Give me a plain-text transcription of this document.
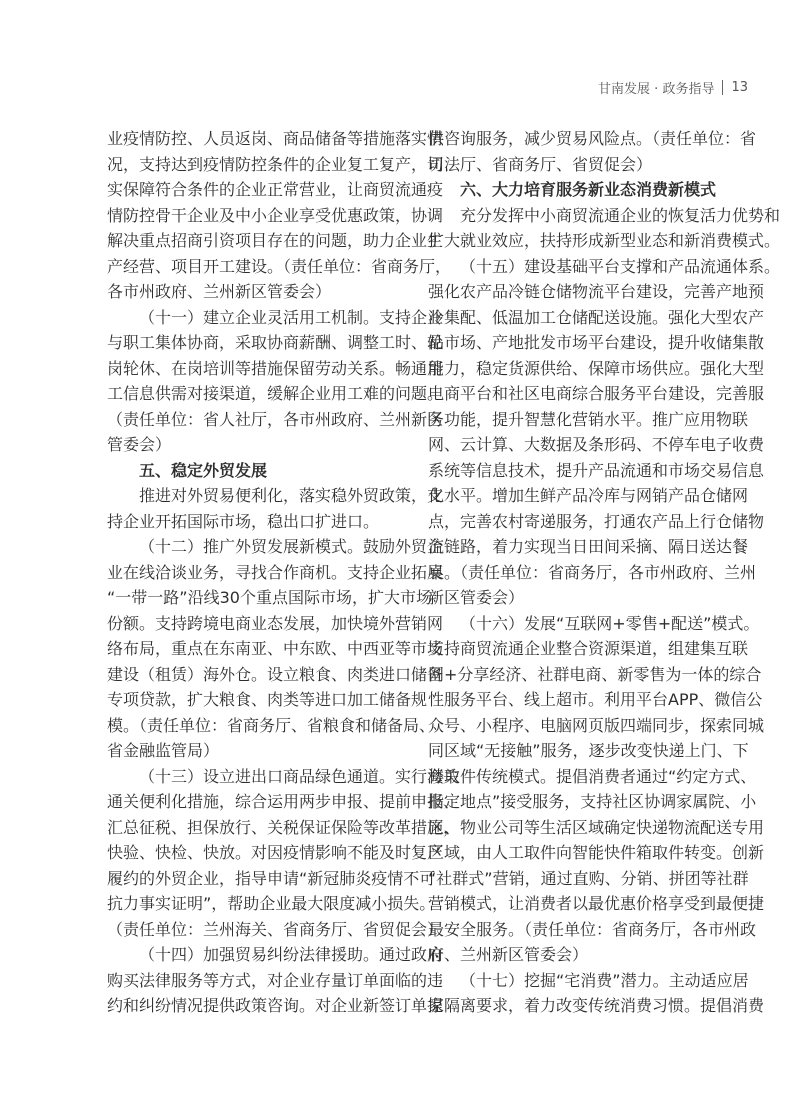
甘南发展 · 政务指导 13
业疫情防控、人员返岗、商品储备等措施落实情
况，支持达到疫情防控条件的企业复工复产，切
实保障符合条件的企业正常营业，让商贸流通疫
情防控骨干企业及中小企业享受优惠政策，协调
解决重点招商引资项目存在的问题，助力企业生
产经营、项目开工建设。（责任单位：省商务厅，
各市州政府、兰州新区管委会）
（十一）建立企业灵活用工机制。支持企业
与职工集体协商，采取协商薪酬、调整工时、轮
岗轮休、在岗培训等措施保留劳动关系。畅通用
工信息供需对接渠道，缓解企业用工难的问题。
（责任单位：省人社厅，各市州政府、兰州新区
管委会）
五、稳定外贸发展
推进对外贸易便利化，落实稳外贸政策，支
持企业开拓国际市场，稳出口扩进口。
（十二）推广外贸发展新模式。鼓励外贸企
业在线洽谈业务，寻找合作商机。支持企业拓展
“一带一路”沿线30个重点国际市场，扩大市场
份额。支持跨境电商业态发展，加快境外营销网
络布局，重点在东南亚、中东欧、中西亚等市场
建设（租赁）海外仓。设立粮食、肉类进口储备
专项贷款，扩大粮食、肉类等进口加工储备规
模。（责任单位：省商务厅、省粮食和储备局、
省金融监管局）
（十三）设立进出口商品绿色通道。实行海关
通关便利化措施，综合运用两步申报、提前申报、
汇总征税、担保放行、关税保证保险等改革措施，
快验、快检、快放。对因疫情影响不能及时复产
履约的外贸企业，指导申请“新冠肺炎疫情不可
抗力事实证明”，帮助企业最大限度减小损失。
（责任单位：兰州海关、省商务厅、省贸促会）
（十四）加强贸易纠纷法律援助。通过政府
购买法律服务等方式，对企业存量订单面临的违
约和纠纷情况提供政策咨询。对企业新签订单提
供咨询服务，减少贸易风险点。（责任单位：省
司法厅、省商务厅、省贸促会）
六、大力培育服务新业态消费新模式
充分发挥中小商贸流通企业的恢复活力优势和
扩大就业效应，扶持形成新型业态和新消费模式。
（十五）建设基础平台支撑和产品流通体系。
强化农产品冷链仓储物流平台建设，完善产地预
冷集配、低温加工仓储配送设施。强化大型农产
品市场、产地批发市场平台建设，提升收储集散
能力，稳定货源供给、保障市场供应。强化大型
电商平台和社区电商综合服务平台建设，完善服
务功能，提升智慧化营销水平。推广应用物联
网、云计算、大数据及条形码、不停车电子收费
系统等信息技术，提升产品流通和市场交易信息
化水平。增加生鲜产品冷库与网销产品仓储网
点，完善农村寄递服务，打通农产品上行仓储物
流链路，着力实现当日田间采摘、隔日送达餐
桌。（责任单位：省商务厅，各市州政府、兰州
新区管委会）
（十六）发展“互联网+零售+配送”模式。
支持商贸流通企业整合资源渠道，组建集互联
网+分享经济、社群电商、新零售为一体的综合
性服务平台、线上超市。利用平台APP、微信公
众号、小程序、电脑网页版四端同步，探索同城
同区域“无接触”服务，逐步改变快递上门、下
楼取件传统模式。提倡消费者通过“约定方式、
指定地点”接受服务，支持社区协调家属院、小
区、物业公司等生活区域确定快递物流配送专用
区域，由人工取件向智能快件箱取件转变。创新
“社群式”营销，通过直购、分销、拼团等社群
营销模式，让消费者以最优惠价格享受到最便捷
最安全服务。（责任单位：省商务厅，各市州政
府、兰州新区管委会）
（十七）挖掘“宅消费”潜力。主动适应居
家隔离要求，着力改变传统消费习惯。提倡消费
